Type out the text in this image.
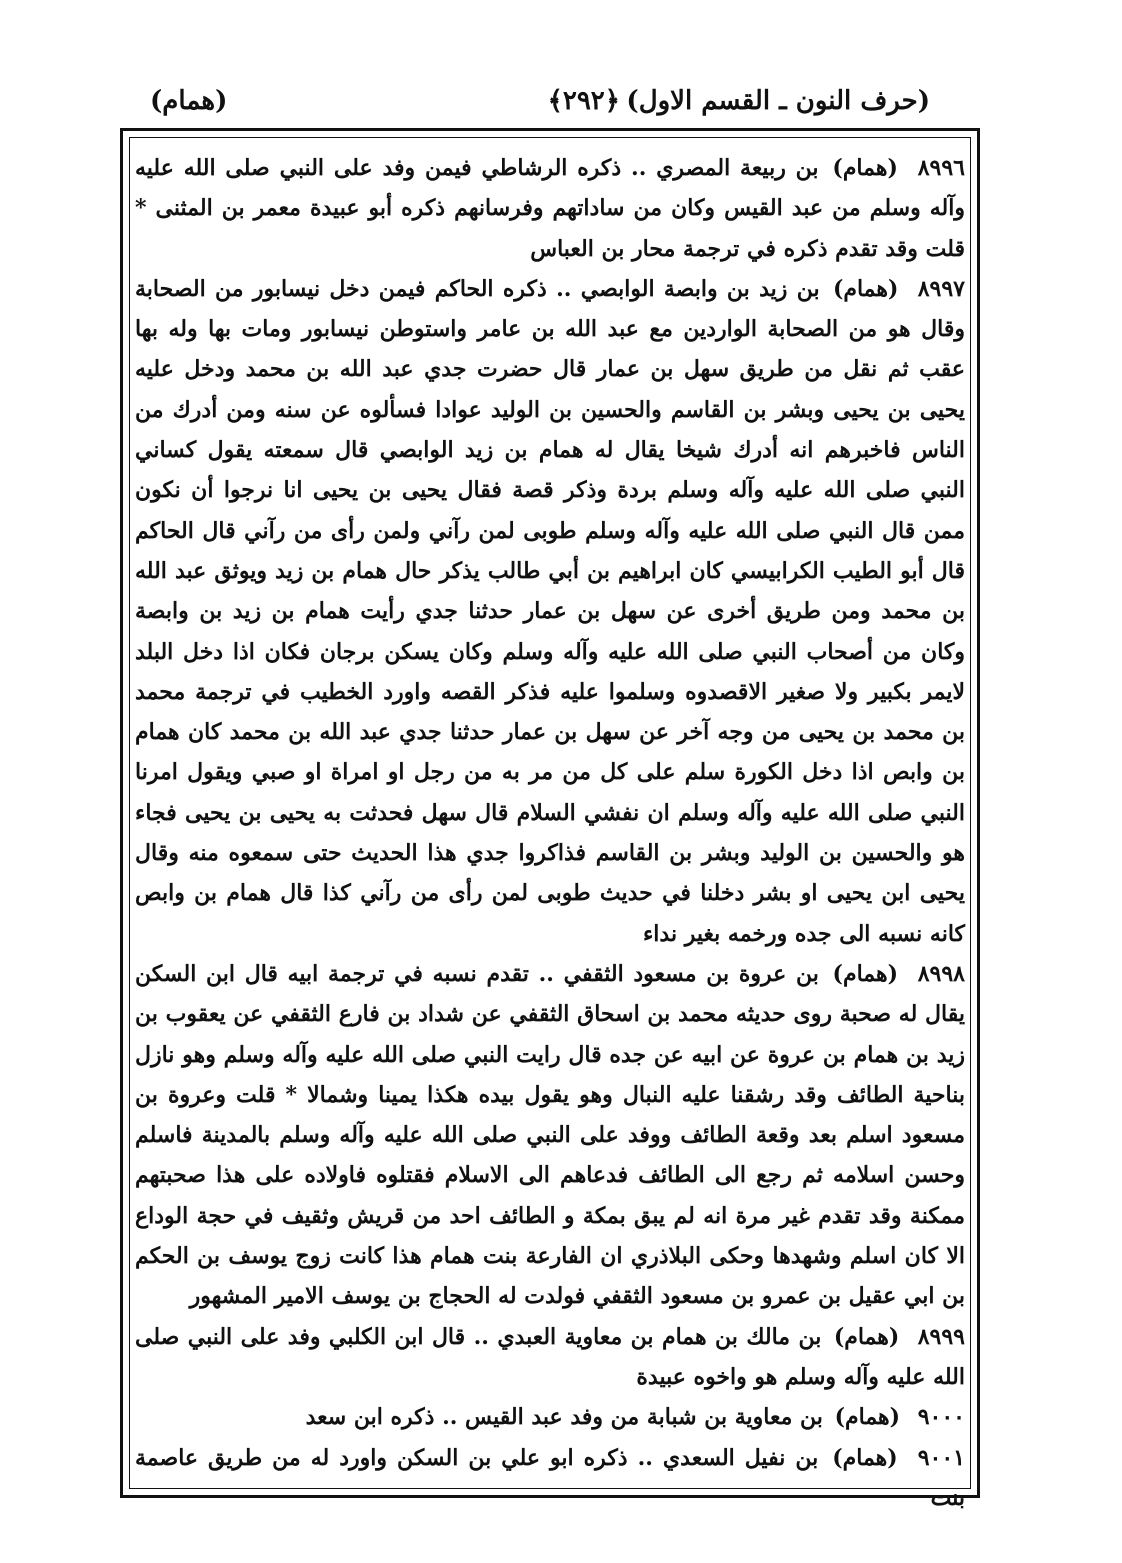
(حرف النون ـ القسم الاول)
﴿٢٩٢﴾
(همام)

٨٩٩٦ (همام) بن ربيعة المصري .. ذكره الرشاطي فيمن وفد على النبي صلى الله عليه وآله وسلم من عبد القيس وكان من ساداتهم وفرسانهم ذكره أبو عبيدة معمر بن المثنى * قلت وقد تقدم ذكره في ترجمة محار بن العباس

٨٩٩٧ (همام) بن زيد بن وابصة الوابصي .. ذكره الحاكم فيمن دخل نيسابور من الصحابة وقال هو من الصحابة الواردين مع عبد الله بن عامر واستوطن نيسابور ومات بها وله بها عقب ثم نقل من طريق سهل بن عمار قال حضرت جدي عبد الله بن محمد ودخل عليه يحيى بن يحيى وبشر بن القاسم والحسين بن الوليد عوادا فسألوه عن سنه ومن أدرك من الناس فاخبرهم انه أدرك شيخا يقال له همام بن زيد الوابصي قال سمعته يقول كساني النبي صلى الله عليه وآله وسلم بردة وذكر قصة فقال يحيى بن يحيى انا نرجوا أن نكون ممن قال النبي صلى الله عليه وآله وسلم طوبى لمن رآني ولمن رأى من رآني قال الحاكم قال أبو الطيب الكرابيسي كان ابراهيم بن أبي طالب يذكر حال همام بن زيد ويوثق عبد الله بن محمد ومن طريق أخرى عن سهل بن عمار حدثنا جدي رأيت همام بن زيد بن وابصة وكان من أصحاب النبي صلى الله عليه وآله وسلم وكان يسكن برجان فكان اذا دخل البلد لايمر بكبير ولا صغير الاقصدوه وسلموا عليه فذكر القصه واورد الخطيب في ترجمة محمد بن محمد بن يحيى من وجه آخر عن سهل بن عمار حدثنا جدي عبد الله بن محمد كان همام بن وابص اذا دخل الكورة سلم على كل من مر به من رجل او امراة او صبي ويقول امرنا النبي صلى الله عليه وآله وسلم ان نفشي السلام قال سهل فحدثت به يحيى بن يحيى فجاء هو والحسين بن الوليد وبشر بن القاسم فذاكروا جدي هذا الحديث حتى سمعوه منه وقال يحيى ابن يحيى او بشر دخلنا في حديث طوبى لمن رأى من رآني كذا قال همام بن وابص كانه نسبه الى جده ورخمه بغير نداء

٨٩٩٨ (همام) بن عروة بن مسعود الثقفي .. تقدم نسبه في ترجمة ابيه قال ابن السكن يقال له صحبة روى حديثه محمد بن اسحاق الثقفي عن شداد بن فارع الثقفي عن يعقوب بن زيد بن همام بن عروة عن ابيه عن جده قال رايت النبي صلى الله عليه وآله وسلم وهو نازل بناحية الطائف وقد رشقنا عليه النبال وهو يقول بيده هكذا يمينا وشمالا * قلت وعروة بن مسعود اسلم بعد وقعة الطائف ووفد على النبي صلى الله عليه وآله وسلم بالمدينة فاسلم وحسن اسلامه ثم رجع الى الطائف فدعاهم الى الاسلام فقتلوه فاولاده على هذا صحبتهم ممكنة وقد تقدم غير مرة انه لم يبق بمكة و الطائف احد من قريش وثقيف في حجة الوداع الا كان اسلم وشهدها وحكى البلاذري ان الفارعة بنت همام هذا كانت زوج يوسف بن الحكم بن ابي عقيل بن عمرو بن مسعود الثقفي فولدت له الحجاج بن يوسف الامير المشهور

٨٩٩٩ (همام) بن مالك بن همام بن معاوية العبدي .. قال ابن الكلبي وفد على النبي صلى الله عليه وآله وسلم هو واخوه عبيدة

٩٠٠٠ (همام) بن معاوية بن شبابة من وفد عبد القيس .. ذكره ابن سعد

٩٠٠١ (همام) بن نفيل السعدي .. ذكره ابو علي بن السكن واورد له من طريق عاصمة بنت
